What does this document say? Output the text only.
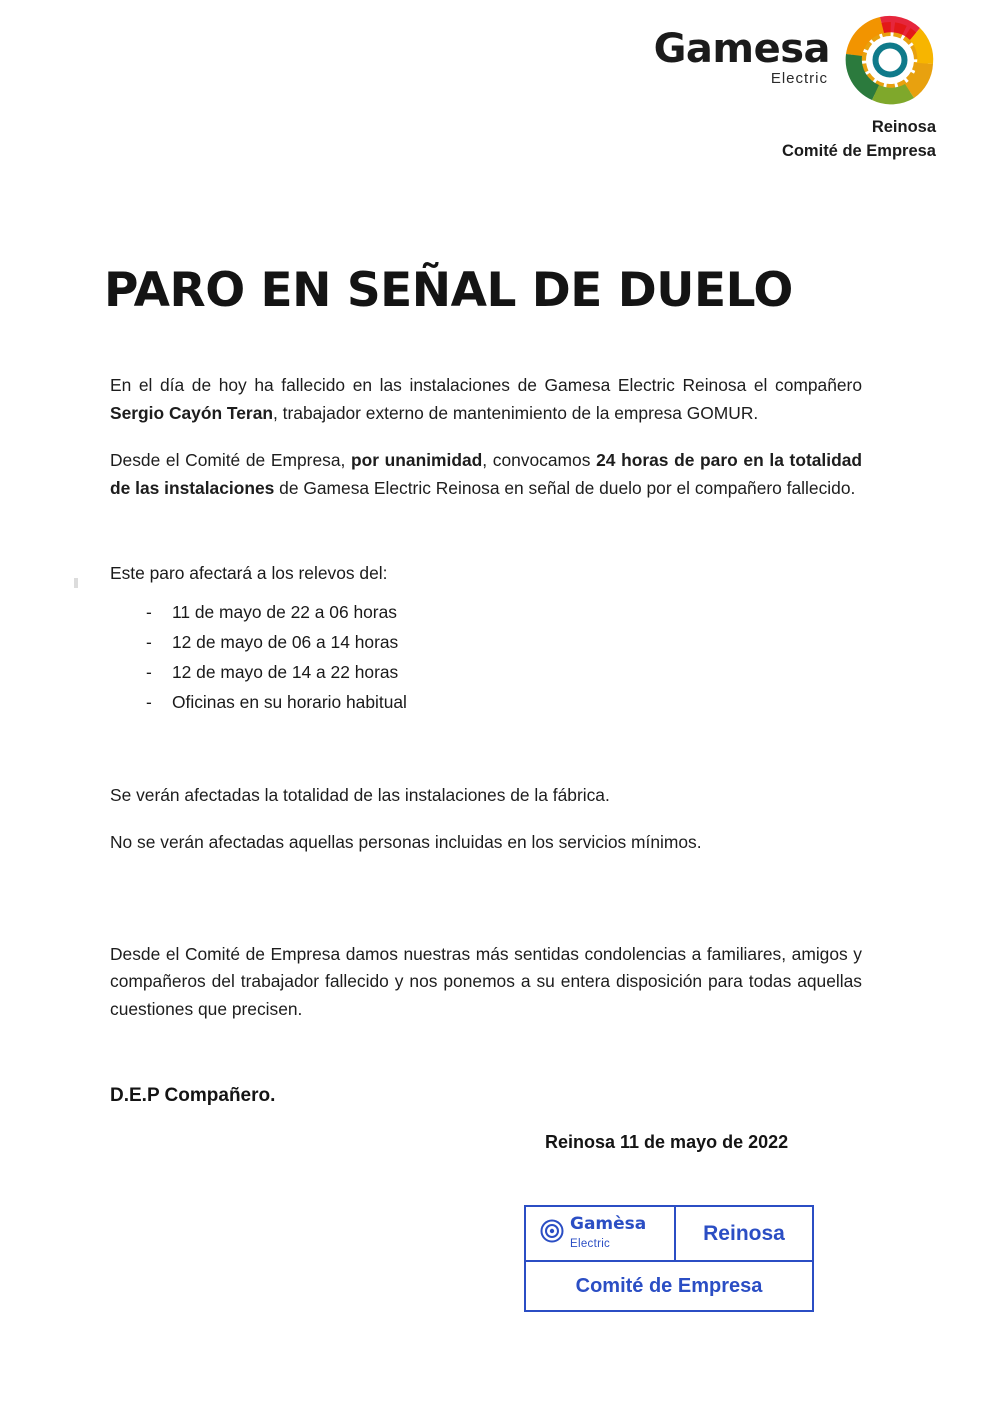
Gamesa
Electric
Reinosa
Comité de Empresa
PARO EN SEÑAL DE DUELO

En el día de hoy ha fallecido en las instalaciones de Gamesa Electric Reinosa el compañero Sergio Cayón Teran, trabajador externo de mantenimiento de la empresa GOMUR.

Desde el Comité de Empresa, por unanimidad, convocamos 24 horas de paro en la totalidad de las instalaciones de Gamesa Electric Reinosa en señal de duelo por el compañero fallecido.

Este paro afectará a los relevos del:

- 11 de mayo de 22 a 06 horas
- 12 de mayo de 06 a 14 horas
- 12 de mayo de 14 a 22 horas
- Oficinas en su horario habitual

Se verán afectadas la totalidad de las instalaciones de la fábrica.

No se verán afectadas aquellas personas incluidas en los servicios mínimos.

Desde el Comité de Empresa damos nuestras más sentidas condolencias a familiares, amigos y compañeros del trabajador fallecido y nos ponemos a su entera disposición para todas aquellas cuestiones que precisen.

D.E.P Compañero.
Reinosa 11 de mayo de 2022
Gamèsa
Electric	Reinosa
Comité de Empresa
